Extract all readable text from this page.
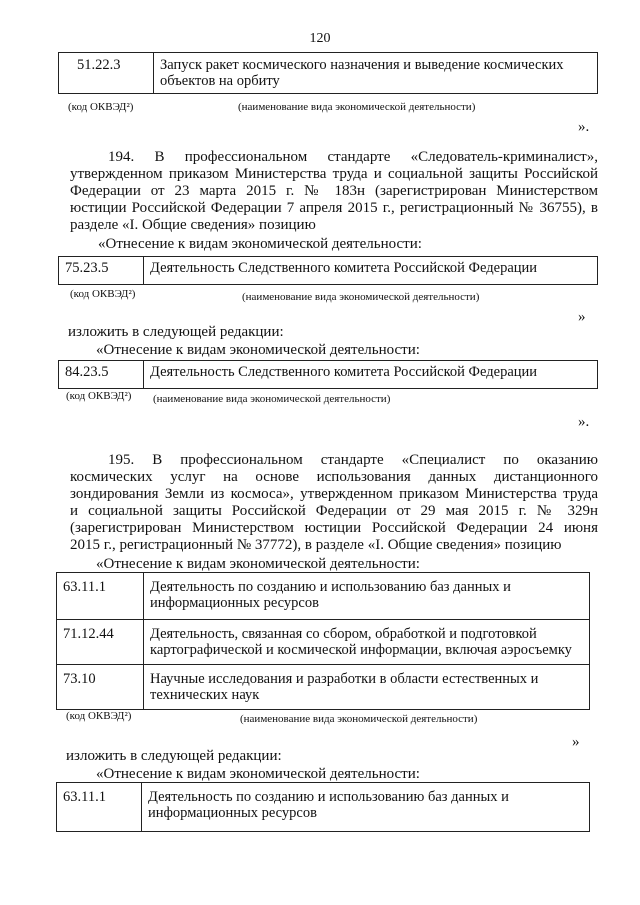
120
51.22.3	Запуск ракет космического назначения и выведение космических объектов на орбиту
(код ОКВЭД²)	(наименование вида экономической деятельности)
».
194. В профессиональном стандарте «Следователь-криминалист»,
утвержденном приказом Министерства труда и социальной защиты Российской
Федерации от 23 марта 2015 г. № 183н (зарегистрирован Министерством
юстиции Российской Федерации 7 апреля 2015 г., регистрационный № 36755), в
разделе «I. Общие сведения» позицию
«Отнесение к видам экономической деятельности:
75.23.5	Деятельность Следственного комитета Российской Федерации
(код ОКВЭД²)	(наименование вида экономической деятельности)
»
изложить в следующей редакции:
«Отнесение к видам экономической деятельности:
84.23.5	Деятельность Следственного комитета Российской Федерации
(код ОКВЭД²) (наименование вида экономической деятельности)
».
195. В профессиональном стандарте «Специалист по оказанию
космических услуг на основе использования данных дистанционного
зондирования Земли из космоса», утвержденном приказом Министерства труда
и социальной защиты Российской Федерации от 29 мая 2015 г. № 329н
(зарегистрирован Министерством юстиции Российской Федерации 24 июня
2015 г., регистрационный № 37772), в разделе «I. Общие сведения» позицию
«Отнесение к видам экономической деятельности:
63.11.1	Деятельность по созданию и использованию баз данных и информационных ресурсов
71.12.44	Деятельность, связанная со сбором, обработкой и подготовкой картографической и космической информации, включая аэросъемку
73.10	Научные исследования и разработки в области естественных и технических наук
(код ОКВЭД²)	(наименование вида экономической деятельности)
»
изложить в следующей редакции:
«Отнесение к видам экономической деятельности:
63.11.1	Деятельность по созданию и использованию баз данных и информационных ресурсов
